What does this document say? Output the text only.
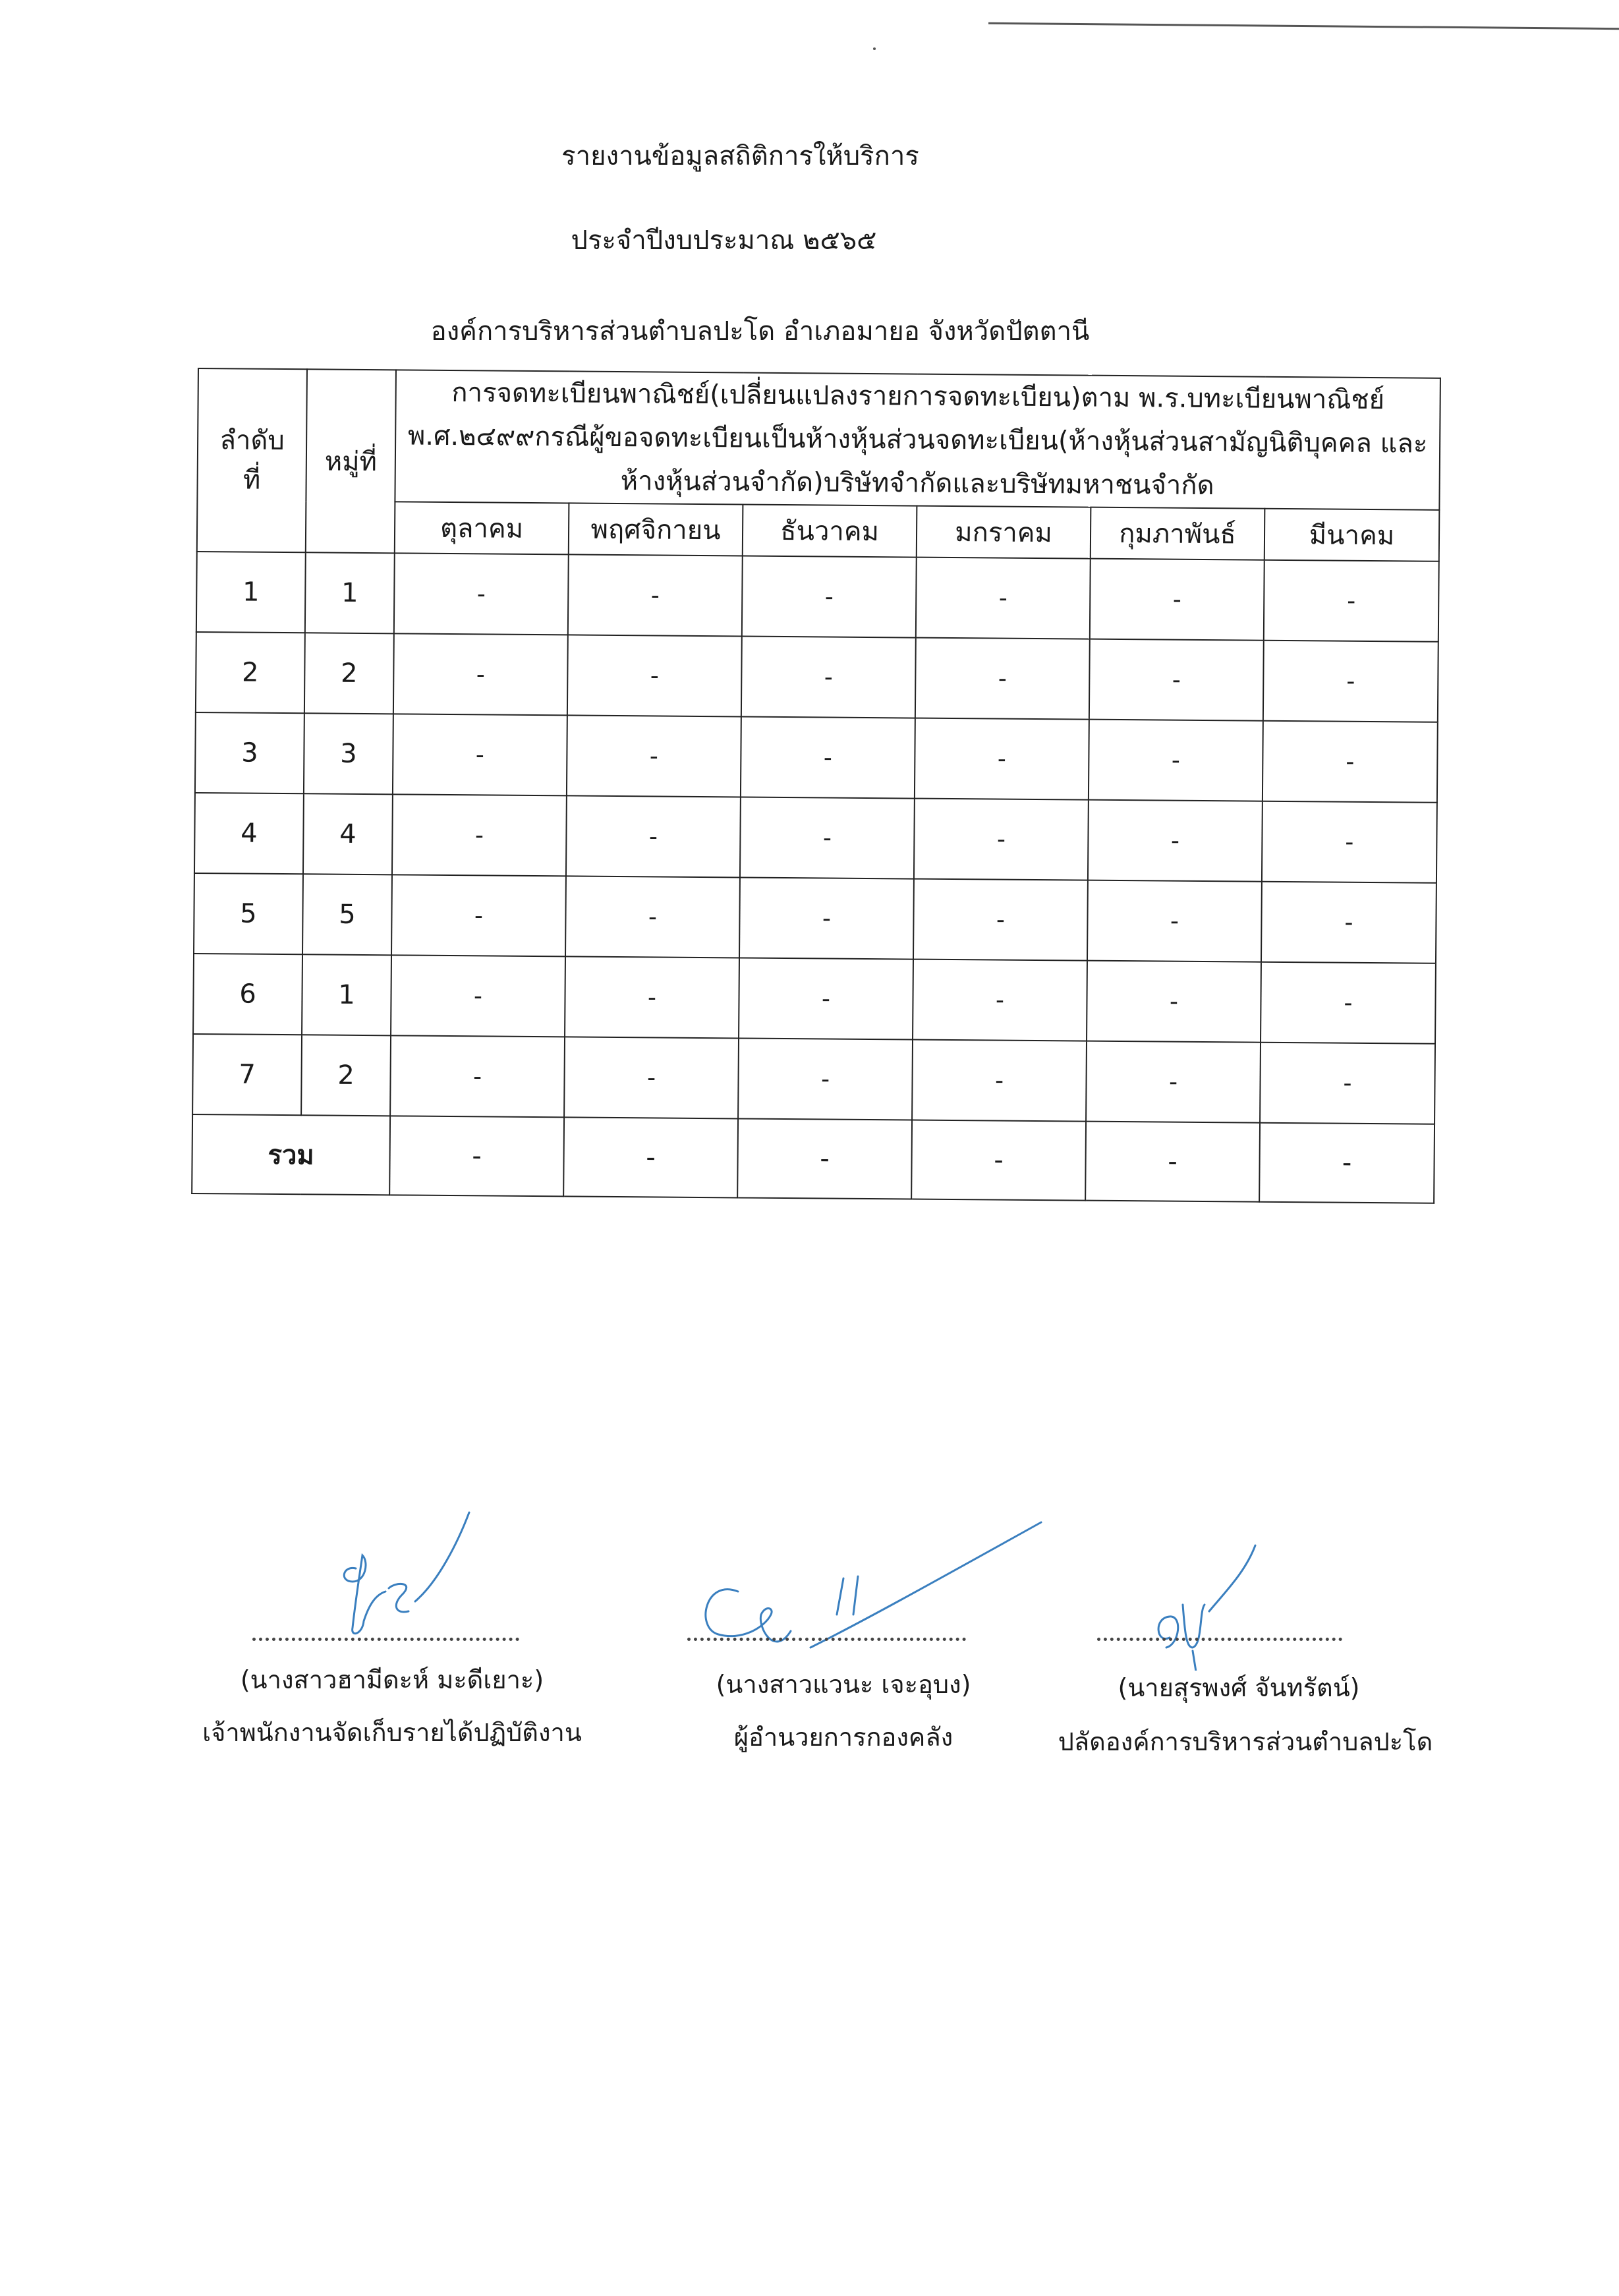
รายงานข้อมูลสถิติการให้บริการ
ประจำปีงบประมาณ ๒๕๖๕
องค์การบริหารส่วนตำบลปะโด อำเภอมายอ จังหวัดปัตตานี
ลำดับ ที่	หมู่ที่	การจดทะเบียนพาณิชย์(เปลี่ยนแปลงรายการจดทะเบียน)ตาม พ.ร.บทะเบียนพาณิชย์ พ.ศ.๒๔๙๙กรณีผู้ขอจดทะเบียนเป็นห้างหุ้นส่วนจดทะเบียน(ห้างหุ้นส่วนสามัญนิติบุคคล และห้างหุ้นส่วนจำกัด)บริษัทจำกัดและบริษัทมหาชนจำกัด					
		ตุลาคม	พฤศจิกายน	ธันวาคม	มกราคม	กุมภาพันธ์	มีนาคม
1	1	-	-	-	-	-	-
2	2	-	-	-	-	-	-
3	3	-	-	-	-	-	-
4	4	-	-	-	-	-	-
5	5	-	-	-	-	-	-
6	1	-	-	-	-	-	-
7	2	-	-	-	-	-	-
รวม		-	-	-	-	-	-
(นางสาวฮามีดะห์ มะดีเยาะ)	(นางสาวแวนะ เจะอุบง)	(นายสุรพงศ์ จันทรัตน์)
เจ้าพนักงานจัดเก็บรายได้ปฏิบัติงาน	ผู้อำนวยการกองคลัง	ปลัดองค์การบริหารส่วนตำบลปะโด
